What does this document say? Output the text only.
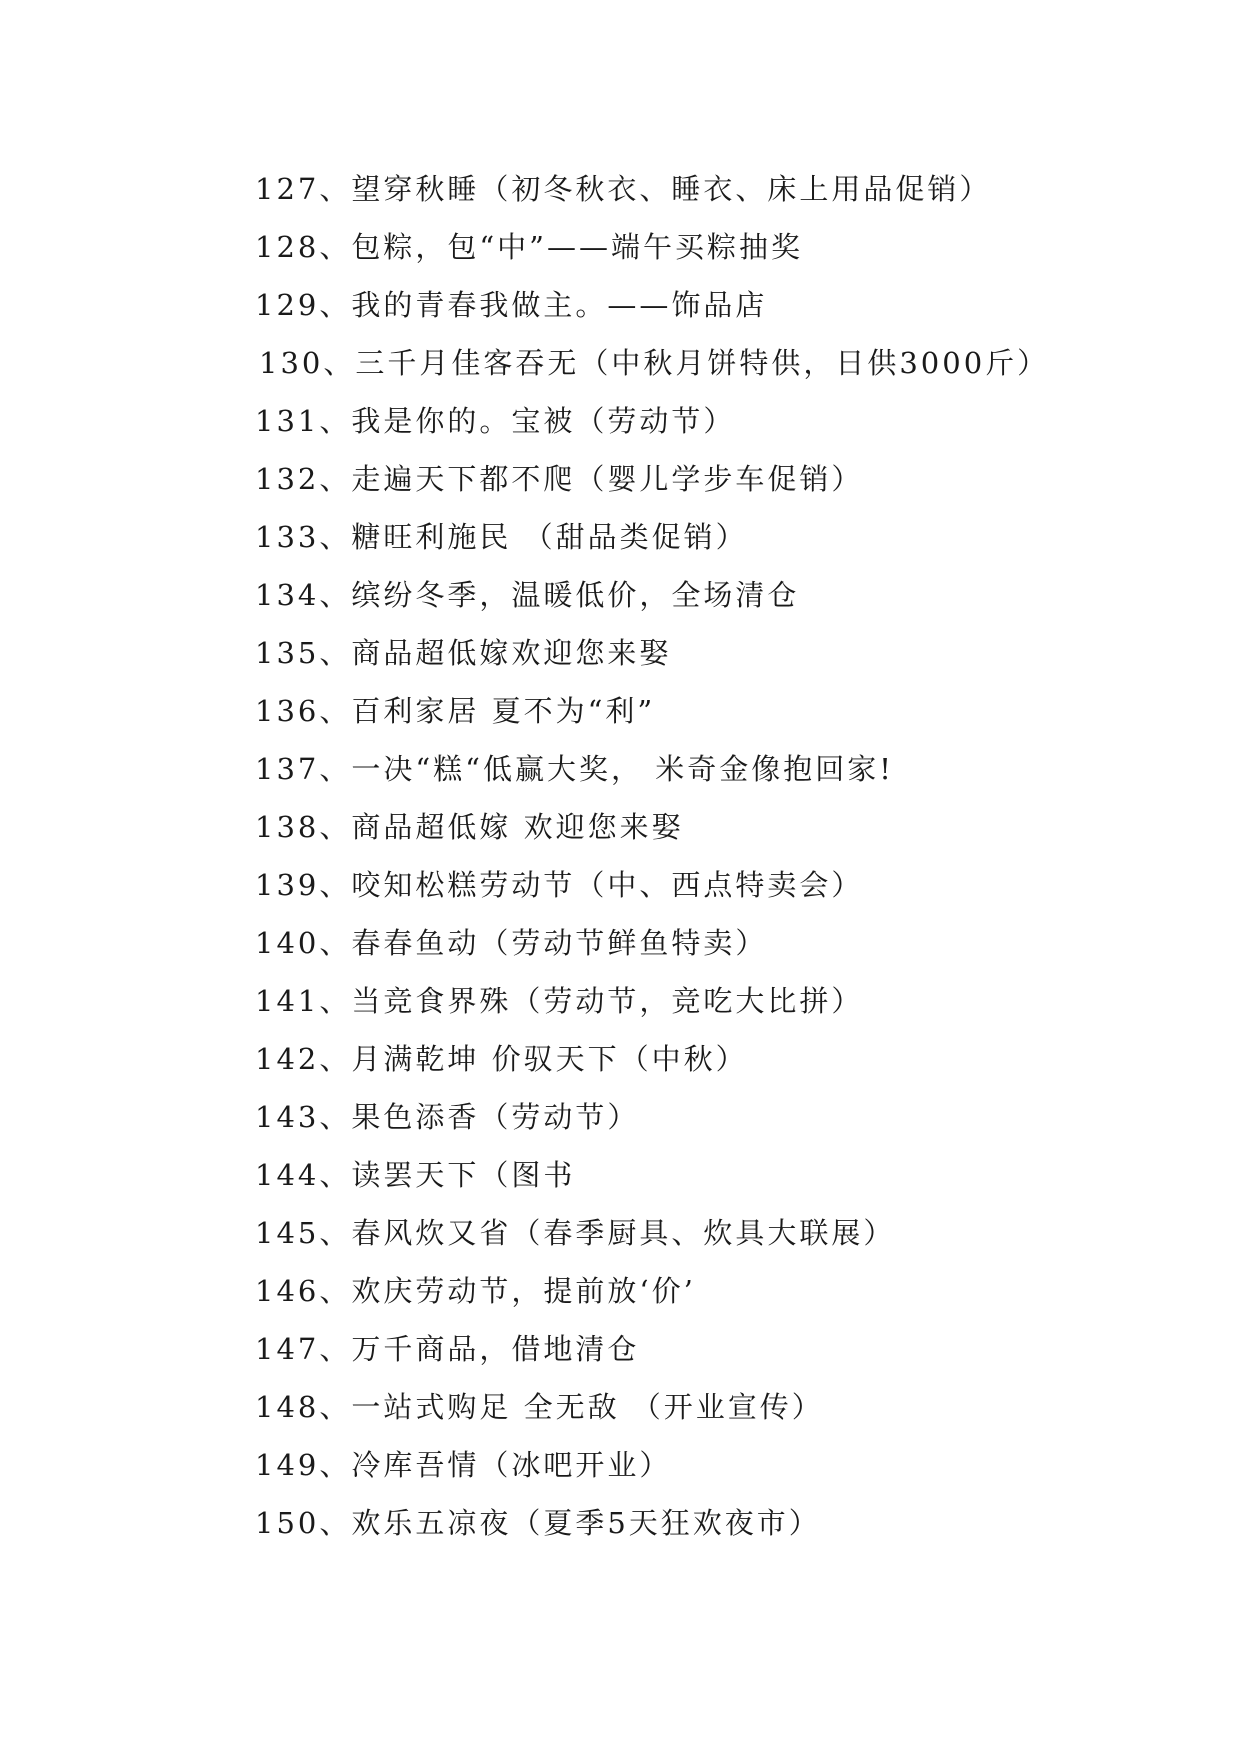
127、望穿秋睡（初冬秋衣、睡衣、床上用品促销）
128、包粽，包“中”——端午买粽抽奖
129、我的青春我做主。——饰品店
130、三千月佳客吞无（中秋月饼特供，日供3000斤）
131、我是你的。宝被（劳动节）
132、走遍天下都不爬（婴儿学步车促销）
133、糖旺利施民 （甜品类促销）
134、缤纷冬季，温暖低价，全场清仓
135、商品超低嫁欢迎您来娶
136、百利家居 夏不为“利”
137、一决“糕“低赢大奖， 米奇金像抱回家!
138、商品超低嫁 欢迎您来娶
139、咬知松糕劳动节（中、西点特卖会）
140、春春鱼动（劳动节鲜鱼特卖）
141、当竞食界殊（劳动节，竞吃大比拼）
142、月满乾坤 价驭天下（中秋）
143、果色添香（劳动节）
144、读罢天下（图书
145、春风炊又省（春季厨具、炊具大联展）
146、欢庆劳动节，提前放‘价’
147、万千商品，借地清仓
148、一站式购足 全无敌 （开业宣传）
149、冷库吾情（冰吧开业）
150、欢乐五凉夜（夏季5天狂欢夜市）
